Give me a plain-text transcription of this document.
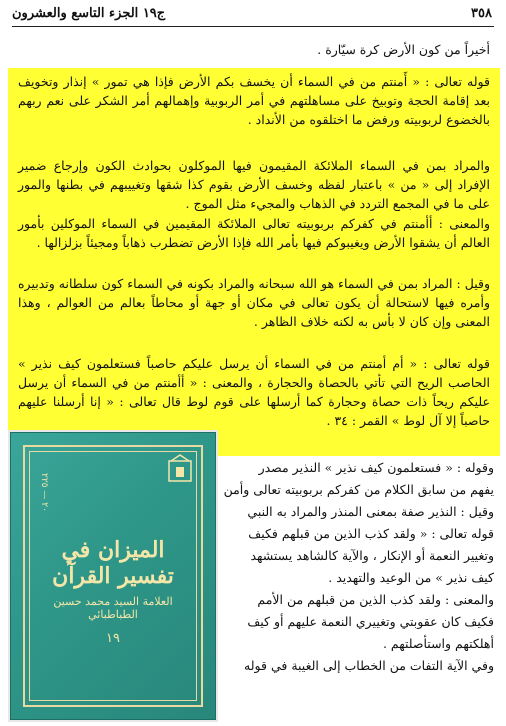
٣٥٨
ج١٩ الجزء التاسع والعشرون
أخيراً من كون الأرض كرة سيّارة .
قوله تعالى : « أَمنتم من في السماء أن يخسف بكم الأرض فإذا هي تمور » إنذار وتخويف بعد إقامة الحجة وتوبيخ على مساهلتهم في أمر الربوبية وإهمالهم أمر الشكر على نعم ربهم بالخضوع لربوبيته ورفض ما اختلقوه من الأنداد .
والمراد بمن في السماء الملائكة المقيمون فيها الموكلون بحوادث الكون وإرجاع ضمير الإفراد إلى « من » باعتبار لفظه وخسف الأرض بقوم كذا شقها وتغييبهم في بطنها والمور على ما في المجمع التردد في الذهاب والمجيء مثل الموج .
والمعنى : أأمنتم في كفركم بربوبيته تعالى الملائكة المقيمين في السماء الموكلين بأمور العالم أن يشقوا الأرض ويغيبوكم فيها بأمر الله فإذا الأرض تضطرب ذهاباً ومجيئاً بزلزالها .
وقيل : المراد بمن في السماء هو الله سبحانه والمراد بكونه في السماء كون سلطانه وتدبيره وأمره فيها لاستحالة أن يكون تعالى في مكان أو جهة أو محاطاً بعالم من العوالم ، وهذا المعنى وإن كان لا بأس به لكنه خلاف الظاهر .
قوله تعالى : « أم أمنتم من في السماء أن يرسل عليكم حاصباً فستعلمون كيف نذير » الحاصب الريح التي تأتي بالحصاة والحجارة ، والمعنى : « أأمنتم من في السماء أن يرسل عليكم ريحاً ذات حصاة وحجارة كما أرسلها على قوم لوط قال تعالى : « إنا أرسلنا عليهم حاصباً إلا آل لوط » القمر : ٣٤ .

وقوله : « فستعلمون كيف نذير » النذير مصدر

يفهم من سابق الكلام من كفركم بربوبيته تعالى وأمن

وقيل : النذير صفة بمعنى المنذر والمراد به النبي

قوله تعالى : « ولقد كذب الذين من قبلهم فكيف

وتغيير النعمة أو الإنكار ، والآية كالشاهد يستشهد

كيف نذير » من الوعيد والتهديد .

والمعنى : ولقد كذب الذين من قبلهم من الأمم

فكيف كان عقوبتي وتغييري النعمة عليهم أو كيف

أهلكتهم واستأصلتهم .

وفي الآية التفات من الخطاب إلى الغيبة في قوله

٢٠ — ٢٢٥
الميزان في تفسير القرآن
العلامة السيد محمد حسين الطباطبائي
١٩
